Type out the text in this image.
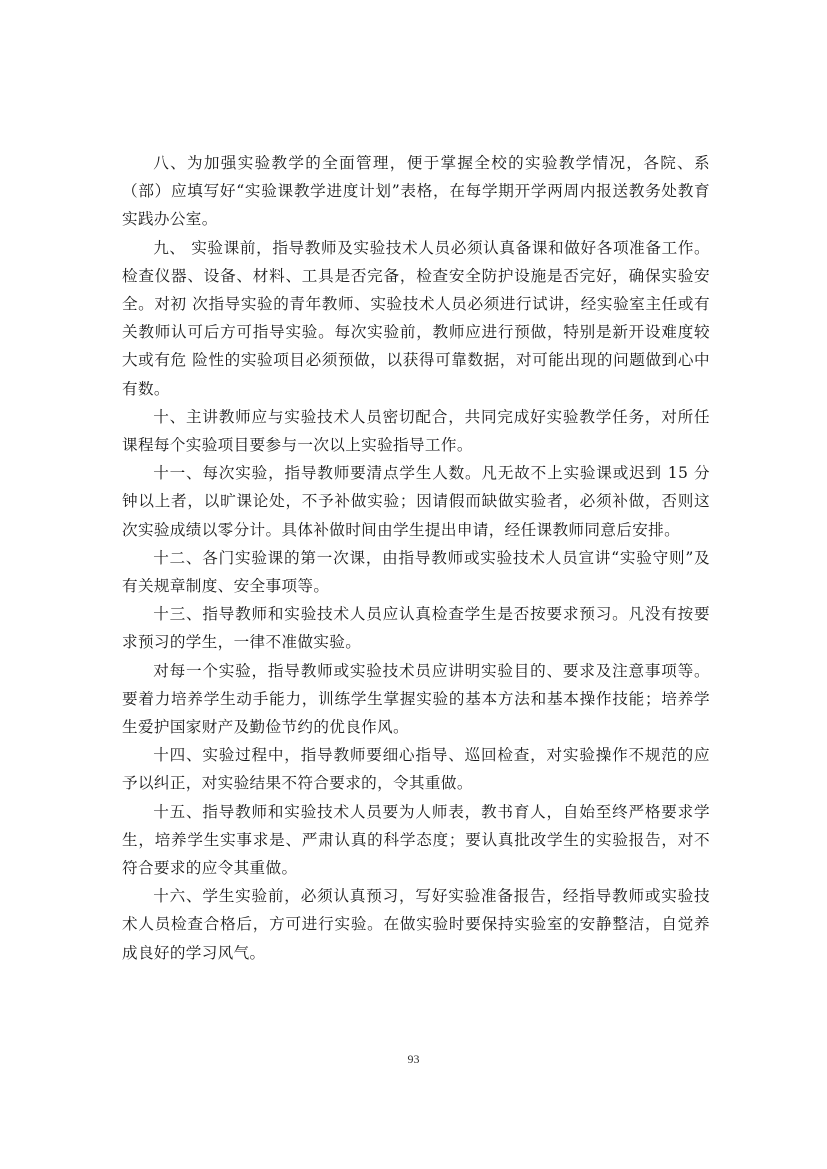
八、为加强实验教学的全面管理，便于掌握全校的实验教学情况，各院、系（部）应填写好“实验课教学进度计划”表格，在每学期开学两周内报送教务处教育实践办公室。

九、 实验课前，指导教师及实验技术人员必须认真备课和做好各项准备工作。检查仪器、设备、材料、工具是否完备，检查安全防护设施是否完好，确保实验安全。对初 次指导实验的青年教师、实验技术人员必须进行试讲，经实验室主任或有关教师认可后方可指导实验。每次实验前，教师应进行预做，特别是新开设难度较大或有危 险性的实验项目必须预做，以获得可靠数据，对可能出现的问题做到心中有数。

十、主讲教师应与实验技术人员密切配合，共同完成好实验教学任务，对所任课程每个实验项目要参与一次以上实验指导工作。

十一、每次实验，指导教师要清点学生人数。凡无故不上实验课或迟到 15 分钟以上者，以旷课论处，不予补做实验；因请假而缺做实验者，必须补做，否则这次实验成绩以零分计。具体补做时间由学生提出申请，经任课教师同意后安排。

十二、各门实验课的第一次课，由指导教师或实验技术人员宣讲“实验守则”及有关规章制度、安全事项等。

十三、指导教师和实验技术人员应认真检查学生是否按要求预习。凡没有按要求预习的学生，一律不准做实验。

对每一个实验，指导教师或实验技术员应讲明实验目的、要求及注意事项等。要着力培养学生动手能力，训练学生掌握实验的基本方法和基本操作技能；培养学生爱护国家财产及勤俭节约的优良作风。

十四、实验过程中，指导教师要细心指导、巡回检查，对实验操作不规范的应予以纠正，对实验结果不符合要求的，令其重做。

十五、指导教师和实验技术人员要为人师表，教书育人，自始至终严格要求学生，培养学生实事求是、严肃认真的科学态度；要认真批改学生的实验报告，对不符合要求的应令其重做。

十六、学生实验前，必须认真预习，写好实验准备报告，经指导教师或实验技术人员检查合格后，方可进行实验。在做实验时要保持实验室的安静整洁，自觉养成良好的学习风气。

93
